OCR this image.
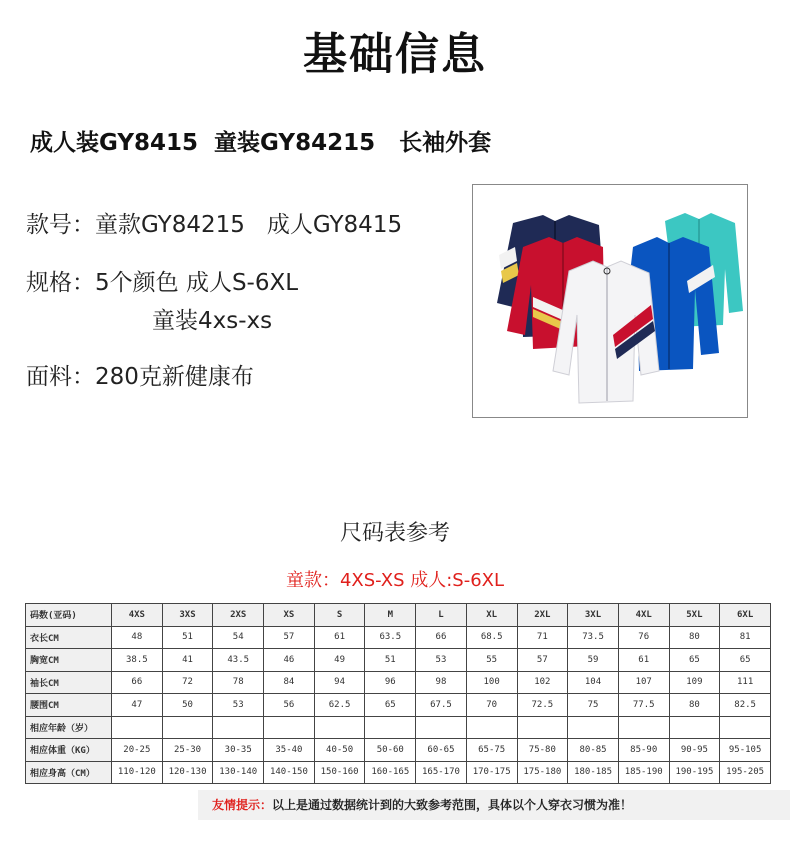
基础信息
成人装GY8415  童装GY84215   长袖外套
款号：童款GY84215   成人GY8415
规格：5个颜色 成人S-6XL
童装4xs-xs
面料：280克新健康布
尺码表参考
童款：4XS-XS 成人:S-6XL
码数(亚码)	4XS	3XS	2XS	XS	S	M	L	XL	2XL	3XL	4XL	5XL	6XL
衣长CM	48	51	54	57	61	63.5	66	68.5	71	73.5	76	80	81
胸宽CM	38.5	41	43.5	46	49	51	53	55	57	59	61	65	65
袖长CM	66	72	78	84	94	96	98	100	102	104	107	109	111
腰围CM	47	50	53	56	62.5	65	67.5	70	72.5	75	77.5	80	82.5
相应年龄（岁）													
相应体重（KG）	20-25	25-30	30-35	35-40	40-50	50-60	60-65	65-75	75-80	80-85	85-90	90-95	95-105
相应身高（CM）	110-120	120-130	130-140	140-150	150-160	160-165	165-170	170-175	175-180	180-185	185-190	190-195	195-205
友情提示：以上是通过数据统计到的大致参考范围，具体以个人穿衣习惯为准！
